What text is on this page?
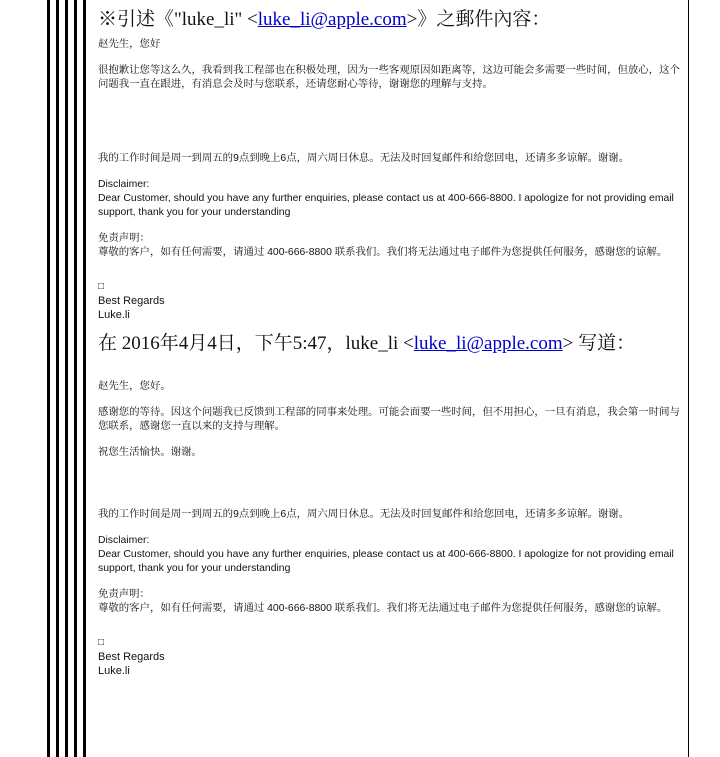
※引述《"luke_li" <luke_li@apple.com>》之郵件內容：

赵先生，您好

很抱歉让您等这么久，我看到我工程部也在积极处理，因为一些客观原因如距离等，这边可能会多需要一些时间，但放心，这个问题我一直在跟进，有消息会及时与您联系，还请您耐心等待，谢谢您的理解与支持。

我的工作时间是周一到周五的9点到晚上6点，周六周日休息。无法及时回复邮件和给您回电，还请多多谅解。谢谢。

Disclaimer:

Dear Customer, should you have any further enquiries, please contact us at 400-666-8800. I apologize for not providing email support, thank you for your understanding

免责声明：

尊敬的客户，如有任何需要，请通过 400-666-8800 联系我们。我们将无法通过电子邮件为您提供任何服务，感谢您的谅解。

□

Best Regards

Luke.li

在 2016年4月4日，下午5:47，luke_li <luke_li@apple.com> 写道：

赵先生，您好。

感谢您的等待。因这个问题我已反馈到工程部的同事来处理。可能会面要一些时间，但不用担心，一旦有消息，我会第一时间与您联系，感谢您一直以来的支持与理解。

祝您生活愉快。谢谢。

我的工作时间是周一到周五的9点到晚上6点，周六周日休息。无法及时回复邮件和给您回电，还请多多谅解。谢谢。

Disclaimer:

Dear Customer, should you have any further enquiries, please contact us at 400-666-8800. I apologize for not providing email support, thank you for your understanding

免责声明：

尊敬的客户，如有任何需要，请通过 400-666-8800 联系我们。我们将无法通过电子邮件为您提供任何服务，感谢您的谅解。

□

Best Regards

Luke.li
